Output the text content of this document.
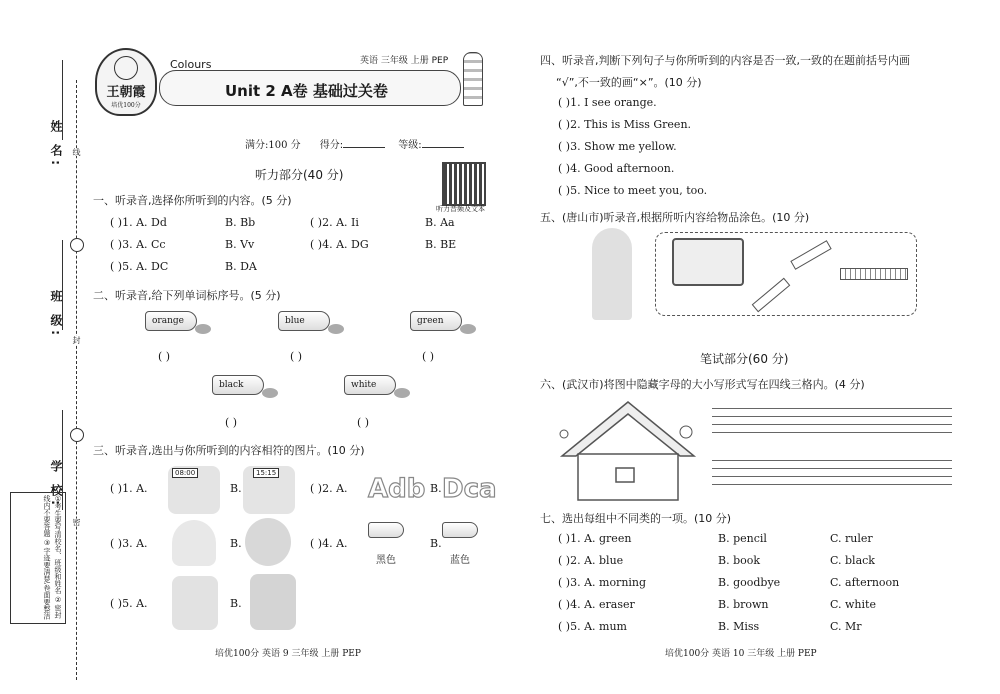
姓 名:
班 级:
学 校:
线
封
密
①考生要写清校名、班级和姓名 ②密封线内不要答题 ③字迹要清楚,卷面要整洁
王朝霞
培优100分
Colours	英语 三年级 上册 PEP
Unit 2 A卷 基础过关卷
满分:100 分 得分:	等级:
听力部分(40 分)
听力音频及文本
一、听录音,选择你所听到的内容。(5 分)
( )1. A. Dd	B. Bb	( )2. A. Ii	B. Aa
( )3. A. Cc	B. Vv	( )4. A. DG	B. BE
( )5. A. DC	B. DA
二、听录音,给下列单词标序号。(5 分)
orange
( )
blue
( )
green
( )
black
( )
white
( )
三、听录音,选出与你所听到的内容相符的图片。(10 分)
( )1. A.
08:00
B.
15:15
( )2. A. Adb B. Dca
( )3. A.	B.	( )4. A.
黑色
B.
蓝色
( )5. A.	B.
培优100分 英语 9 三年级 上册 PEP
四、听录音,判断下列句子与你所听到的内容是否一致,一致的在题前括号内画
“√”,不一致的画“×”。(10 分)
( )1. I see orange.
( )2. This is Miss Green.
( )3. Show me yellow.
( )4. Good afternoon.
( )5. Nice to meet you, too.
五、(唐山市)听录音,根据所听内容给物品涂色。(10 分)
笔试部分(60 分)
六、(武汉市)将图中隐藏字母的大小写形式写在四线三格内。(4 分)
七、选出每组中不同类的一项。(10 分)
( )1. A. green	B. pencil	C. ruler
( )2. A. blue	B. book	C. black
( )3. A. morning	B. goodbye	C. afternoon
( )4. A. eraser	B. brown	C. white
( )5. A. mum	B. Miss	C. Mr
培优100分 英语 10 三年级 上册 PEP
